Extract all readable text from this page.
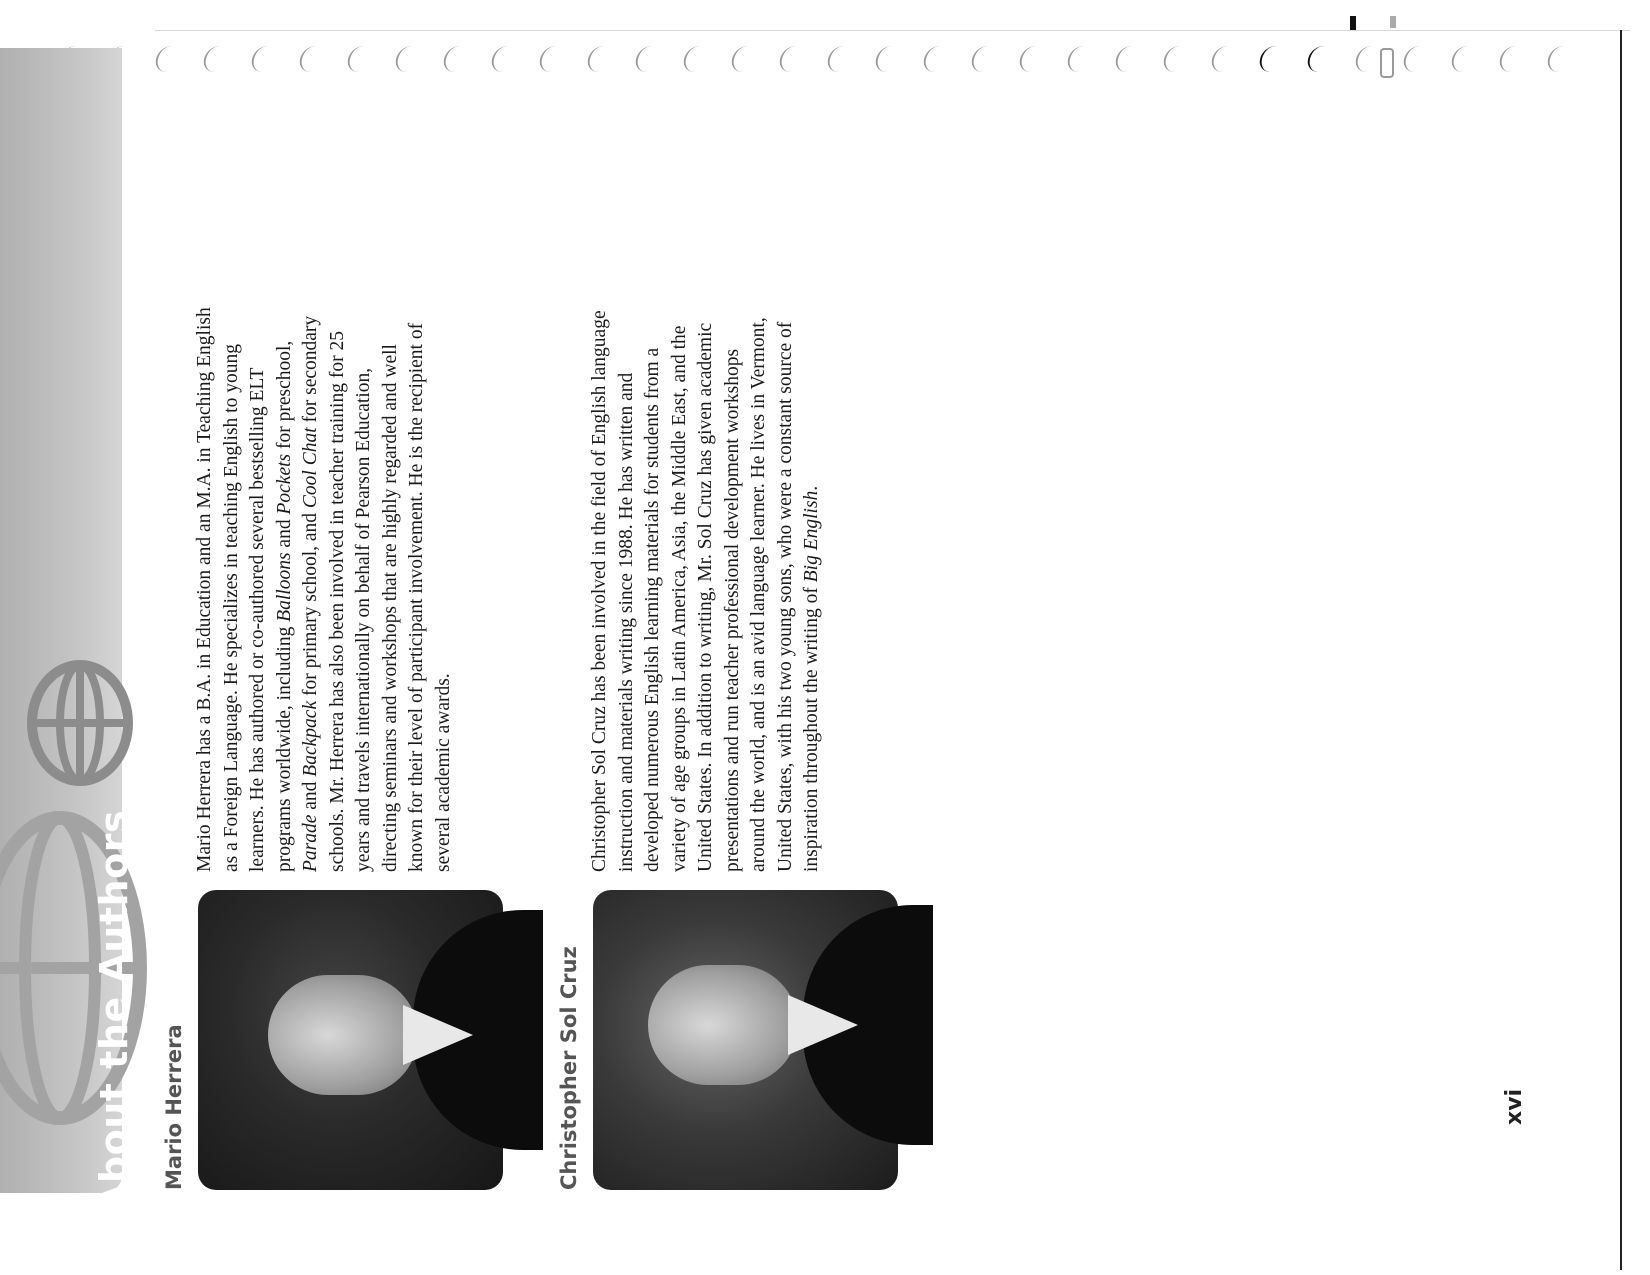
About the Authors Mario Herrera
Mario Herrera has a B.A. in Education and an M.A. in Teaching English as a Foreign Language. He specializes in teaching English to young learners. He has authored or co-authored several bestselling ELT programs worldwide, including Balloons and Pockets for preschool, Parade and Backpack for primary school, and Cool Chat for secondary schools. Mr. Herrera has also been involved in teacher training for 25 years and travels internationally on behalf of Pearson Education, directing seminars and workshops that are highly regarded and well known for their level of participant involvement. He is the recipient of several academic awards.
Christopher Sol Cruz
Christopher Sol Cruz has been involved in the field of English language instruction and materials writing since 1988. He has written and developed numerous English learning materials for students from a variety of age groups in Latin America, Asia, the Middle East, and the United States. In addition to writing, Mr. Sol Cruz has given academic presentations and run teacher professional development workshops around the world, and is an avid language learner. He lives in Vermont, United States, with his two young sons, who were a constant source of inspiration throughout the writing of Big English.
xvi
